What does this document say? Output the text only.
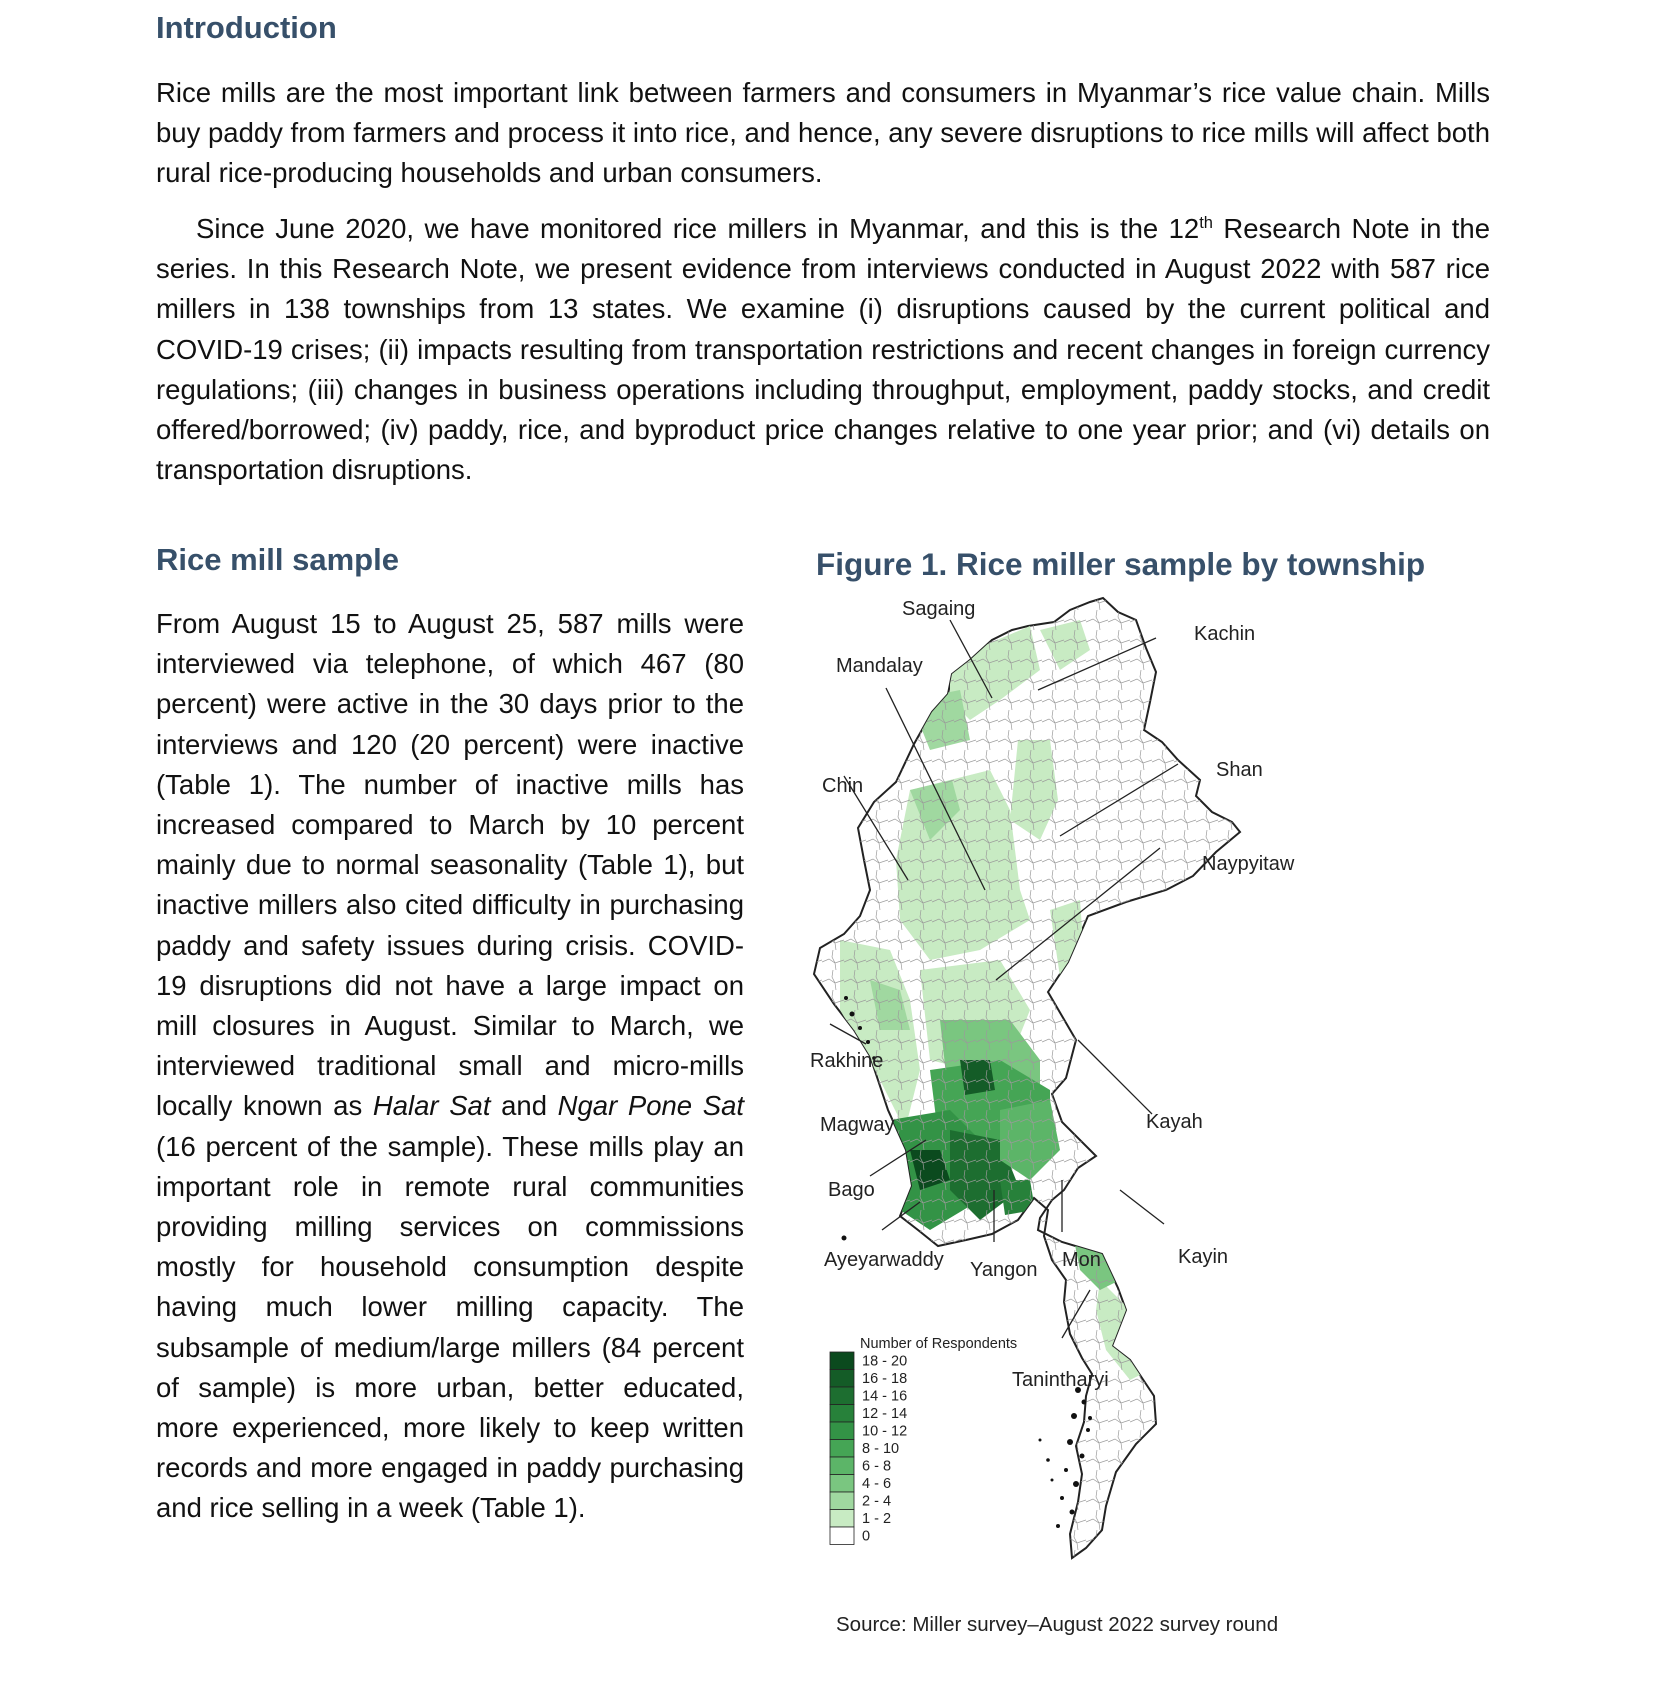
Introduction

Rice mills are the most important link between farmers and consumers in Myanmar’s rice value chain. Mills buy paddy from farmers and process it into rice, and hence, any severe disruptions to rice mills will affect both rural rice-producing households and urban consumers.

Since June 2020, we have monitored rice millers in Myanmar, and this is the 12th Research Note in the series. In this Research Note, we present evidence from interviews conducted in August 2022 with 587 rice millers in 138 townships from 13 states. We examine (i) disruptions caused by the current political and COVID-19 crises; (ii) impacts resulting from transportation restrictions and recent changes in foreign currency regulations; (iii) changes in business operations including throughput, employment, paddy stocks, and credit offered/borrowed; (iv) paddy, rice, and byproduct price changes relative to one year prior; and (vi) details on transportation disruptions.

Rice mill sample

From August 15 to August 25, 587 mills were interviewed via telephone, of which 467 (80 percent) were active in the 30 days prior to the interviews and 120 (20 percent) were inactive (Table 1). The number of inactive mills has increased compared to March by 10 percent mainly due to normal seasonality (Table 1), but inactive millers also cited difficulty in purchasing paddy and safety issues during crisis. COVID-19 disruptions did not have a large impact on mill closures in August. Similar to March, we interviewed traditional small and micro-mills locally known as Halar Sat and Ngar Pone Sat (16 percent of the sample). These mills play an important role in remote rural communities providing milling services on commissions mostly for household consumption despite having much lower milling capacity. The subsample of medium/large millers (84 percent of sample) is more urban, better educated, more experienced, more likely to keep written records and more engaged in paddy purchasing and rice selling in a week (Table 1).

Figure 1. Rice miller sample by township
Sagaing
Kachin
Mandalay
Chin
Shan
Naypyitaw
Rakhine
Magway	Kayah
Bago
Ayeyarwaddy Yangon Mon	Kayin
Tanintharyi
Number of Respondents
18 - 20
16 - 18
14 - 16
12 - 14
10 - 12
8 - 10
6 - 8
4 - 6
2 - 4
1 - 2
0
Source: Miller survey–August 2022 survey round
